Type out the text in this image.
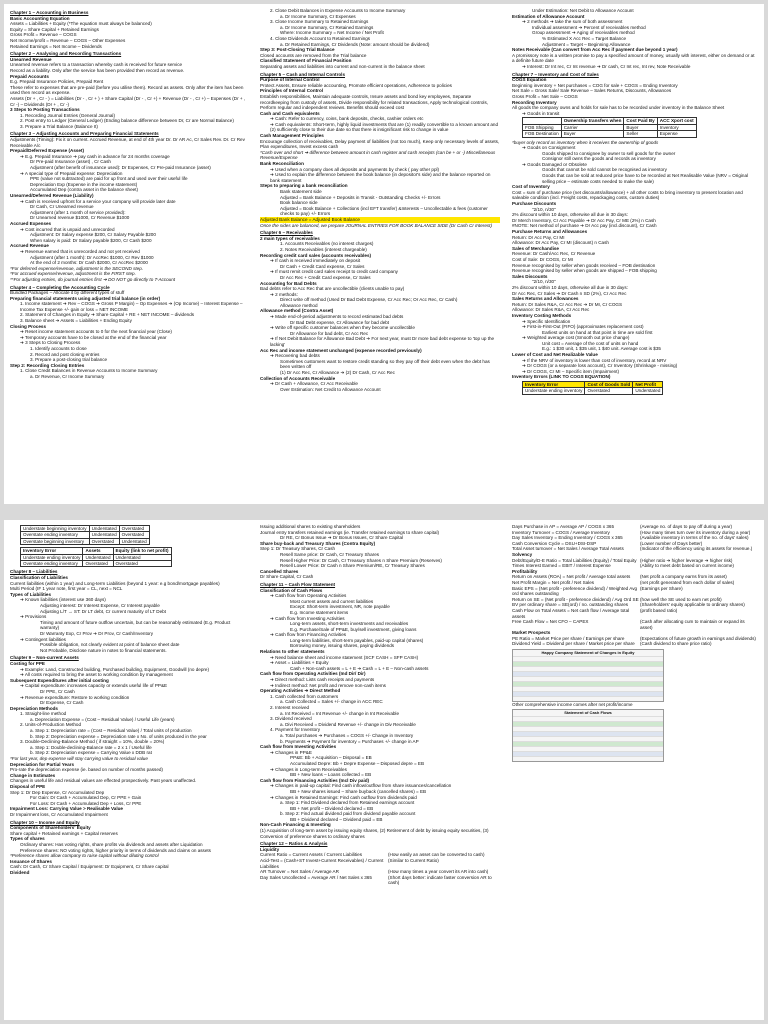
Chapter 1 – Accounting in Business
Basic Accounting Equation
Assets = Liabilities + Equity (*The equation must always be balanced)
Equity = Share Capital + Retained Earnings
Gross Profit = Revenue – COGS
Net Income/profit = Revenue – COGS – Other Expenses
Retained Earnings = Net Income – Dividends
Chapter 2 – Analysing and Recording Transactions
Unearned Revenue
Unearned revenue refers to a transaction whereby cash is received for future service
Record as a liability. Only after the service has been provided then record as revenue.
Prepaid Accounts
E.g. Prepaid Insurance Policies, Prepaid Rent
These refer to expenses that are pre-paid (before you utilise them). Record as assets. Only after the item has been used then record as expense.
Assets (Dr + , Cr - ) = Liabilities (Dr - , Cr + ) + Share Capital (Dr - , Cr +) + Revenue (Dr - , Cr +) – Expenses (Dr + , Cr -) – Dividends (Dr + , Cr -)
3 Steps to Posting Transactions
1. Recording Journal Entries (General Journal)
2. Post entry to Ledger (General Ledger) (Ending balance difference between Dr, Cr are Normal Balance)
3. Prepare a Trial Balance (Balance It)
Chapter 3 – Adjusting Accounts and Preparing Financial Statements
Adjustments (Timing): Fix it on current. Accrued Revenue, at end of 4th year Dr. Dr AR Ac, Cr Sales Rev. Dr. Cr Rev Receivable A/c
Prepaid/Deferred Expense (Asset)
➔ E.g. Prepaid Insurance ➔ pay cash in advance for 24 months coverage
Dr Pre-paid Insurance (asset) , Cr Cash
Adjustment (after benefit of insurance used): Dr Expenses, Cr Pre-paid Insurance (asset)
➔ A special type of Prepaid expense: Depreciation
PPE (value not subtracted) are paid for up front and used over their useful life
Depreciation Exp (Expense in the income statement)
Accumulated Dep (contra asset in the balance sheet)
Unearned/Deferred Revenue (Liability)
➔ Cash is received upfront for a service your company will provide later date
Dr Cash, Cr Unearned revenue
Adjustment (after 1 month of service provided):
Dr Unearned revenue $1000, Cr Revenue $1000
Accrued Expenses
➔ Cost incurred that is unpaid and unrecorded
Adjustment: Dr Salary expense $200, Cr Salary Payable $200
When salary is paid: Dr Salary payable $200, Cr Cash $200
Accrued Revenue
➔ Revenue earned that is unrecorded and not yet received
Adjustment (after 1 month): Dr AccRec $1000, Cr Rev $1000
At the end of 2 months: Dr Cash $2000, Cr AccRec $2000
*For deferred expense/revenue, adjustment is the SECOND step.
*For accrued expense/revenue, adjustment is the FIRST step.
**For adjusting entries, do journal entries first ➔ DO NOT go directly to T-Account
Chapter 4 – Completing the Accounting Cycle
Bundled Packages – Allocate it by different types of stuff
Preparing financial statements using adjusted trial balance (in order)
1. Income statement ➔ Rev – COGS ➔ Gross P Margin) – Op Expenses ➔ (Op Income) – Interest Expense – Income Tax Expense +/- gain or loss = NET INCOME
2. Statement of Changes in Equity ➔ Share Capital + RE + NET INCOME – dividends
3. Balance sheet ➔ Assets = Liabilities + Ending Equity
Closing Process
➔ Reset income statement accounts to 0 for the next financial year (Close)
➔ Temporary accounts have to be closed at the end of the financial year
➔ 3 Steps to Closing Process
1. Identify accounts to close
2. Record and post closing entries
3. Prepare a post-closing trial balance
Step 2: Recording Closing Entries
1. Close Credit Balances in Revenue Accounts to Income Summary
a. Dr Revenue, Cr Income Summary
2. Close Debit Balances in Expense Accounts to Income Summary
a. Dr Income Summary, Cr Expenses
3. Close Income Summary to Retained Earnings
a. Dr Income Summary, Cr Retained Earnings
Where: Income Summary = Net Income / Net Profit
4. Close Dividends Account to Retained Earnings
a. Dr Retained Earnings, Cr Dividends (Note: amount should be dividend)
Step 3: Post-Closing Trial Balance
Closed accounts are removed from the Trial balance
Classified Statement of Financial Position
Separating assets and liabilities into current and non-current in the balance sheet
Chapter 5 – Cash and Internal Controls
Purpose of Internal Control
Protect Assets, Ensure reliable accounting, Promote efficient operations, Adherence to policies
Principles of Internal Control
Establish responsibilities, Maintain adequate controls, Insure assets and bond key employees, Separate recordkeeping from custody of assets, Divide responsibility for related transactions, Apply technological controls, Perform regular and independent reviews. Benefits should exceed cost
Cash and Cash equivalents
➔ Cash: Refer to currency, coins, bank deposits, checks, cashier orders etc
➔ Cash equivalents: Short-term, highly liquid investments that are (1) readily convertible to a known amount and (2) sufficiently close to their due date so that there is insignificant risk to change in value
Cash Management Principles
Encourage collection of receivables, Delay payment of liabilities (not too much), Keep only necessary levels of assets, Plan expenditures, Invest excess cash
*Cash over and short ➔ difference between amount in cash register and cash receipts (can be + or -) Miscellaneous Revenue/Expense
Bank Reconciliation
➔ Used when a company does all deposits and payments by check ( pay other ppl)
➔ Used to explain the difference between the book balance (in depositor's side) and the balance reported on bank statement
Steps to preparing a bank reconciliation
Bank statement side
Adjusted = Bank Balance + Deposits in Transit - Outstanding Checks +/- Errors
Book balance side
Adjusted = Book Balance + Collections (incl EFT transfer) &Interests – Uncollectable & fees (customer checks to pay) +/- Errors
Adjusted Bank Balance = Adjusted Book Balance
Once the sides are balanced, we prepare JOURNAL ENTRIES FOR BOOK BALANCE SIDE (Dr Cash Cr Interest)
Chapter 6 – Receivables
2 main types of receivables
1. Accounts Receivables (no interest charges)
2. Notes Receivables (interest chargeable)
Recording credit card sales (accounts receivables)
➔ If cash is received immediately on deposit
Dr Cash + Credit Card expense, Cr Sales
➔ If must remit credit card sales receipt to credit card company
Dr Acc Rec + Credit Card expense, Cr Sales
Accounting for Bad Debts
Bad debts refer to Acc Rec that are uncollectible (clients unable to pay)
➔ 2 methods:
Direct write off method (Used Dr Bad Debt Expense, Cr Acc Rec; Or Acc Rec, Cr Cash)
Allowance method
Allowance method (Contra Asset)
➔ Made end-of-period adjustments to record estimated bad debts
Dr Bad Debt expense, Cr Allowance for bad debt
➔ Write off specific customer balances when they become uncollectible
Dr Allowance for bad debt, Cr Acc Rec
➔ If Net Debit Balance for Allowance Bad Debt ➔ For next year, must Dr more bad debt expense to 'top up the lacking'
Acc Rec and income statement unchanged (expense recorded previously)
➔ Recovering bad debts
Sometimes customers want to restore credit standing so they pay off their debt even when the debt has been written off
(1) Dr Acc Rec, Cr Allowance ➔ (2) Dr Cash, Cr Acc Rec
Collection of Accounts Receivable
➔ Dr Cash + Allowance, Cr Acc Receivable
Over Estimation: Net Credit to Allowance Account
Under Estimation: Net Debit to Allowance Account
Estimation of Allowance Account
➔ 2 methods ➔ take the sum of both assessment
Individual assessment ➔ Percent of receivables method
Group assessment ➔ Aging of receivables method
% Estimated X Acc Rec = Target Balance
Adjustment = Target – Beginning Allowance
Notes Receivable (Can convert from Acc Rec if payment due beyond 1 year)
A promissory note is a written promise to pay a specified amount of money, usually with interest, either on demand or at a definite future date
➔ Interest: Dr Int rec, Cr Int revenue ➔ Dr cash, Cr Int rec, Int rev, Note Receivable
Chapter 7 – Inventory and Cost of Sales
COGS Equation
Beginning inventory + Net purchases = COG for sale + COGS = Ending Inventory
Net Sale = Gross Sale/ Sale Revenue – Sales Returns, Discounts, Allowances
Gross Profit = Net Sale – COGS
Recording Inventory
All goods the company owns and holds for sale has to be recorded under inventory in the Balance Sheet
➔ Goods in transit
	Ownership transfers when	Cost Paid By	ACC Xport cost
FOB Shipping	Carrier	Buyer	Inventory
FOB Destination	Buyer	Seller	Expense
*buyer only record as inventory when it receives the ownership of goods
➔ Goods on Consignment
Goods shipped to consignee by owner to sell goods for the owner
Consignor still owns the goods and records as inventory
➔ Goods Damaged or Obsolete
Goods that cannot be sold cannot be recognised as inventory
Goods that can be sold at reduced price have to be recorded at Net Realisable Value (NRV = Original selling price – estimate costs needed to make the sale)
Cost of Inventory
Cost = sum of purchase price (net discounts/allowance) + all other costs to bring inventory to present location and saleable condition (incl. Freight costs, repackaging costs, custom duties)
Purchase Discounts
"2/10, n/30"
2% discount within 10 days, otherwise all due in 30 days:
Dr Merch Inventory, Cr Acc Payable ➔ Dr Acc Pay, Cr ME (2%) n Cash
#NOTE: Net method of purchase ➔ Dr Acc pay (incl.discount), Cr Cash
Purchase Returns and Allowances
Return: Dr Acc Pay, Cr MI
Allowance: Dr Acc Pay, Cr MI (discount) n Cash
Sales of Merchandise
Revenue: Dr Cash/Acc Rec, Cr Revenue
Cost of Sale: Dr COGS, Cr MI
Revenue recognised by seller when goods received – FOB destination
Revenue recognised by seller when goods are shipped – FOB shipping
Sales Discounts
"2/10, n/30"
2% discount within 10 days, otherwise all due in 30 days:
Dr Acc Rec, Cr Sales ➔ Dr Cash n SD (2%), Cr Acc Rec
Sales Returns and Allowances
Return: Dr Sales R&A, Cr Acc Rec ➔ Dr MI, Cr COGS
Allowance: Dr Sales R&A, Cr Acc Rec
Inventory Costing Methods
➔ Specific Identification
➔ First-in-First-Out (FIFO) (approximates replacement cost)
Earliest units on hand at that point in time are sold first
➔ Weighted average cost (Smooth out price change)
Unit cost = Average of the cost of units on hand
E.g.: 1 $30 unit, 1 $35 unit, 1 $40 unit. Average cost is $35
Lower of Cost and Net Realizable Value
➔ If the NRV of inventory is lower than cost of inventory, record at NRV
➔ Dr COGS (or a separate loss account), Cr Inventory (Shrinkage - missing)
➔ Dr COGS, Cr MI – Specific item (Impairment)
Inventory Errors (LINK TO COGS EQUATION)
Inventory Error	Cost of Goods Sold	Net Profit
Understate ending inventory	Overstated	Understated
Understate beginning inventory	Understated	Overstated
Overstate ending inventory	Understated	Overstated
Overstate beginning inventory	Overstated	Understated
Inventory Error	Assets	Equity (link to net profit)
Understate ending inventory	Understated	Understated
Overstate ending inventory	Overstated	Overstated
Chapter 8 – Liabilities
Classification of Liabilities
Current liabilities (within 1 year) and Long-term Liabilities (beyond 1 year: e.g bond/mortgage payables)
Multi Period (IF 1 year note, first year = CL, next = NCL
Types of Liabilities
➔ Known liabilities (interest use 360 days)
Adjusting interest: Dr Interest Expense, Cr Interest payable
Adjusting L/T → ST: Dr LT debt, Cr current maturity of LT Debt
➔ Provisions
Timing and amount of future outflow uncertain, but can be reasonably estimated (E.g. Product warranty)
Dr Warranty Exp, Cr Prov ➔ Dr Prov, Cr Cash/Inventory
➔ Contingent liabilities
Possible obligation, not clearly evident at point of balance sheet date
Not Probable, Disclose nature in notes to financial statements.
Chapter 9 – Non-current Assets
Costing for PPE
➔ Example: Land, Constructed building, Purchased building, Equipment, Goodwill (no depre)
➔ All costs required to bring the asset to working condition by management
Subsequent Expenditures after initial costing
➔ Capital expenditure: increases capacity or extends useful life of PP&E
Dr PPE, Cr Cash
➔ Revenue expenditure: Restore to working condition
Dr Expense, Cr Cash
Depreciation Methods
1. Straight-line method
a. Depreciation Expense = (Cost – Residual Value) / Useful Life (years)
2. Units-of-Production Method
a. Step 1: Depreciation rate = (Cost – Residual Value) / Total units of production
b. Step 2: Depreciation expense = Depreciation rate x No. of units produced in the year
3. Double-Declining-Balance Method ( if straight = 10%, double = 20%)
a. Step 1: Double-declining-Balance rate = 2 x 1 / Useful life
b. Step 2: Depreciation expense = Carrying Value x DDB rat
*For last year, dep expense will stay carrying value to residual value
Depreciation for Partial Years
Pro-rate the depreciation expense (ie. based on number of months passed)
Change in Estimates
Changes in useful life and residual values are effected prospectively. Past years unaffected.
Disposal of PPE
Step 1: Dr Dep Expense, Cr Accumulated Dep
For Gain: Dr Cash + Accumulated Dep, Cr PPE + Gain
For Loss: Dr Cash + Accumulated Dep + Loss, Cr PPE
Impairment Loss: Carrying Value > Realisable Value
Dr Impairment loss, Cr Accumulated Impairment
Chapter 10 – Income and Equity
Components of Shareholders' Equity
Share capital + Retained earnings + Capital reserves
Types of shares
Ordinary shares: Has voting rights, share profits via dividends and assets after Liquidation
Preference shares: NO voting rights, higher priority in terms of dividends and claims on assets
*Preference shares allow company to raise capital without diluting control
Issuance of Shares
Cash: Dr Cash, Cr Share Capital / Equipment: Dr Equipment, Cr Share capital
Dividend
Issuing additional shares to existing shareholders
Journal entry transfers retained earnings (ie. Transfer retained earnings to share capital)
Dr RE, Cr Bonus Issue ➔ Dr Bonus Issues, Cr Share Capital
Share buy-back and Treasury Shares (Contra Equity)
Step 1: Dr Treasury Shares, Cr Cash
Resell Same price: Dr Cash, Cr Treasury Shares
Resell Higher Price: Dr Cash, Cr Treasury Shares n Share Premium (Reserves)
Resell Lower Price: Dr Cash n Share Premium/RE, Cr Treasury Shares
Cancelled Shares
Dr Share Capital, Cr Cash
Chapter 11 – Cash Flow Statement
Classification of Cash Flows
➔ Cash flow from Operating Activities
Most current assets and current liabilities
Except: Short-term investment, NR, note payable
E.g. Income statement items
➔ Cash flow from Investing Activities
Long-term assets, short-term investments and receivables
E.g. Purchase/Sale of PP&E, buy/sell investment, giving loans
➔ Cash flow from Financing Activities
Long-term liabilities, short-term payables, paid-up capital (shares)
Borrowing money, issuing shares, paying dividends
Relations to other statements
➔ Need balance sheet and income statement (SCF CASH = SFP CASH)
➔ Asset = Liabilities + Equity
Cash + Non-cash assets = L + E ➔ Cash = L + E – Non-cash assets
Cash flow from Operating Activities (Ind Dir/ Dir)
➔ Direct method: Lists cash receipts and payments
➔ Indirect method: Net profit and remove non-cash items
Operating Activities ➔ Direct Method
1. Cash collected from customers
a. Cash Collected = Sales +/- change in ACC REC
2. Interest received
a. Int Received = Int Revenue +/- change in Int Receivable
3. Dividend received
a. Divi Received = Dividend Revenue +/- change in Div Receivable
4. Payment for Inventory
a. Total purchases ➔ Purchases = COGS +/- Change in Inventory
b. Payments ➔ Payment for inventory = Purchases +/- change in AP
Cash flow from Investing Activities
➔ Changes in PP&E
PP&E: Bb + Acquisition – Disposal = EB
Accumulated Depre: Bb + Depre Expense – Disposed depre = EB
➔ Changes in Long-term Receivables
BB + New loans – Loans collected = EB
Cash flow from Financing Activities (Incl Div paid)
➔ Changes in paid-up capital: Find cash inflow/outflow from share issuances/cancellation
BB + New shares issued – Share buyback (cancelled shares) = EB
➔ Changes in Retained Earnings: Find cash outflow from dividends paid
a. Step 1: Find Dividend declared from Retained earnings account
BB + Net profit – Dividend declared = EB
b. Step 2: Find actual dividend paid from dividend payable account
BB + Dividend declared – Dividend paid = EB
Non-Cash Financing & Investing
(1) Acquisition of long-term asset by issuing equity shares, (2) Retirement of debt by issuing equity securities, (3) Conversion of preference shares to ordinary shares
Chapter 12 – Ratios & Analysis
Liquidity
Current Ratio = Current Assets / Current Liabilities	(How easily an asset can be converted to cash)
Acid-Test = (Cash+ST Invest+Current Receivables) / Current Liabilities
(Similar to Current Ratio)
AR Turnover = Net Sales / Average AR	(How many times a year convert its AR into cash)
Day Sales Uncollected = Average AR / Net Sales x 365	(Short days better: indicate faster conversion AR to cash)
Days Purchase in AP = Average AP / COGS x 365	(Average no. of days to pay off during a year)
Inventory Turnover = COGS / Average Inventory	(How many times turn over its inventory during a year)
Day Sales Inventory = Ending Inventory / COGS x 365	(Available inventory in terms of the no. of days' sales)
Cash Conversion Cycle = DSU+DSI-DSP	(Lower number of Days better)
Total Asset turnover = Net Sales / Average Total Assets	(Indicator of the efficiency using its assets for revenue.)
Solvency
Debt/Equity/D-E Ratio = Total Liabilities (Equity) / Total Equity (Higher ratio ➔ higher leverage ➔ higher risk)
Times Interest Earned = EBIT / Interest Expense	(Ability to meet debt based on current income)
Profitability
Return on Assets (ROA) = Net profit / Average total assets	(Net profit a company earns from its asset)
Net Profit Margin = Net profit / Net Sales	(net profit generated from each dollar of sales)
Basic EPS = (Net profit - preference dividend) / Weighted Avg ord shares outstanding
(Earnings per Share)
Return on SE = (Net profit - preference dividend) / Avg Ord SE (how well the SE used to earn net profit)
BV per ordinary share = SE(ord) / no. outstanding shares	(Shareholders' equity applicable to ordinary shares)
Cash Flow on Total Assets = Net cash flow / Average total assets
(profit based ratio)
Free Cash Flow = Net CFO – CAPEX	(Cash after allocating cum to maintain or expand its asset)
Market Prospects
PE Ratio = Market Price per share / Earnings per share	(Expectations of future growth in earnings and dividends)
Dividend Yield = Dividend per share / Market price per share	(Cash dividend to share price ratio)
Happy Company Statement of Changes in Equity
Other comprehensive income comes after net profit/income
Statement of Cash Flows
